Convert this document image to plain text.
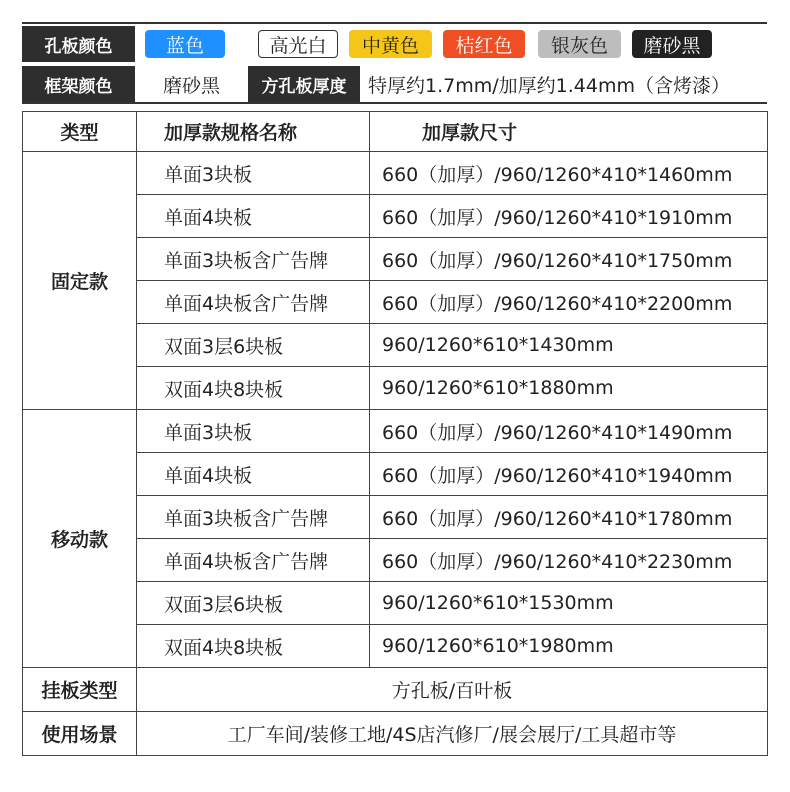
孔板颜色	蓝色	高光白	中黄色	桔红色	银灰色	磨砂黑
框架颜色	磨砂黑	方孔板厚度	特厚约1.7mm/加厚约1.44mm（含烤漆）
类型	加厚款规格名称	加厚款尺寸
固定款	单面3块板	660（加厚）/960/1260*410*1460mm
	单面4块板	660（加厚）/960/1260*410*1910mm
	单面3块板含广告牌	660（加厚）/960/1260*410*1750mm
	单面4块板含广告牌	660（加厚）/960/1260*410*2200mm
	双面3层6块板	960/1260*610*1430mm
	双面4块8块板	960/1260*610*1880mm
移动款	单面3块板	660（加厚）/960/1260*410*1490mm
	单面4块板	660（加厚）/960/1260*410*1940mm
	单面3块板含广告牌	660（加厚）/960/1260*410*1780mm
	单面4块板含广告牌	660（加厚）/960/1260*410*2230mm
	双面3层6块板	960/1260*610*1530mm
	双面4块8块板	960/1260*610*1980mm
挂板类型	方孔板/百叶板	
使用场景	工厂车间/装修工地/4S店汽修厂/展会展厅/工具超市等	
